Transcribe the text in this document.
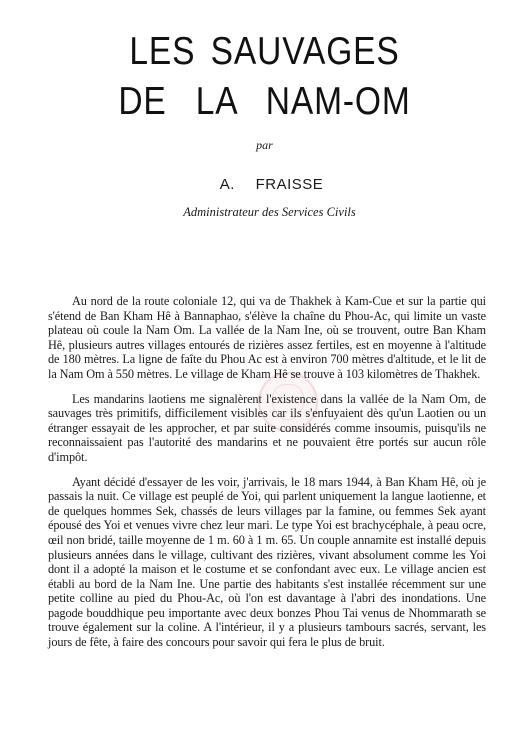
LES SAUVAGES
DE LA NAM-OM
par
A. FRAISSE
Administrateur des Services Civils

Au nord de la route coloniale 12, qui va de Thakhek à Kam-Cue et sur la partie qui s'étend de Ban Kham Hê à Bannaphao, s'élève la chaîne du Phou-Ac, qui limite un vaste plateau où coule la Nam Om. La vallée de la Nam Ine, où se trouvent, outre Ban Kham Hê, plusieurs autres villages entourés de rizières assez fertiles, est en moyenne à l'altitude de 180 mètres. La ligne de faîte du Phou Ac est à environ 700 mètres d'altitude, et le lit de la Nam Om à 550 mètres. Le village de Kham Hê se trouve à 103 kilomètres de Thakhek.

Les mandarins laotiens me signalèrent l'existence dans la vallée de la Nam Om, de sauvages très primitifs, difficilement visibles car ils s'enfuyaient dès qu'un Laotien ou un étranger essayait de les approcher, et par suite considérés comme insoumis, puisqu'ils ne reconnaissaient pas l'autorité des mandarins et ne pouvaient être portés sur aucun rôle d'impôt.

Ayant décidé d'essayer de les voir, j'arrivais, le 18 mars 1944, à Ban Kham Hê, où je passais la nuit. Ce village est peuplé de Yoi, qui parlent uniquement la langue laotienne, et de quelques hommes Sek, chassés de leurs villages par la famine, ou femmes Sek ayant épousé des Yoi et venues vivre chez leur mari. Le type Yoi est brachycéphale, à peau ocre, œil non bridé, taille moyenne de 1 m. 60 à 1 m. 65. Un couple annamite est installé depuis plusieurs années dans le village, cultivant des rizières, vivant absolument comme les Yoi dont il a adopté la maison et le costume et se confondant avec eux. Le village ancien est établi au bord de la Nam Ine. Une partie des habitants s'est installée récemment sur une petite colline au pied du Phou-Ac, où l'on est davantage à l'abri des inondations. Une pagode bouddhique peu importante avec deux bonzes Phou Tai venus de Nhommarath se trouve également sur la coline. A l'intérieur, il y a plusieurs tambours sacrés, servant, les jours de fête, à faire des concours pour savoir qui fera le plus de bruit.
